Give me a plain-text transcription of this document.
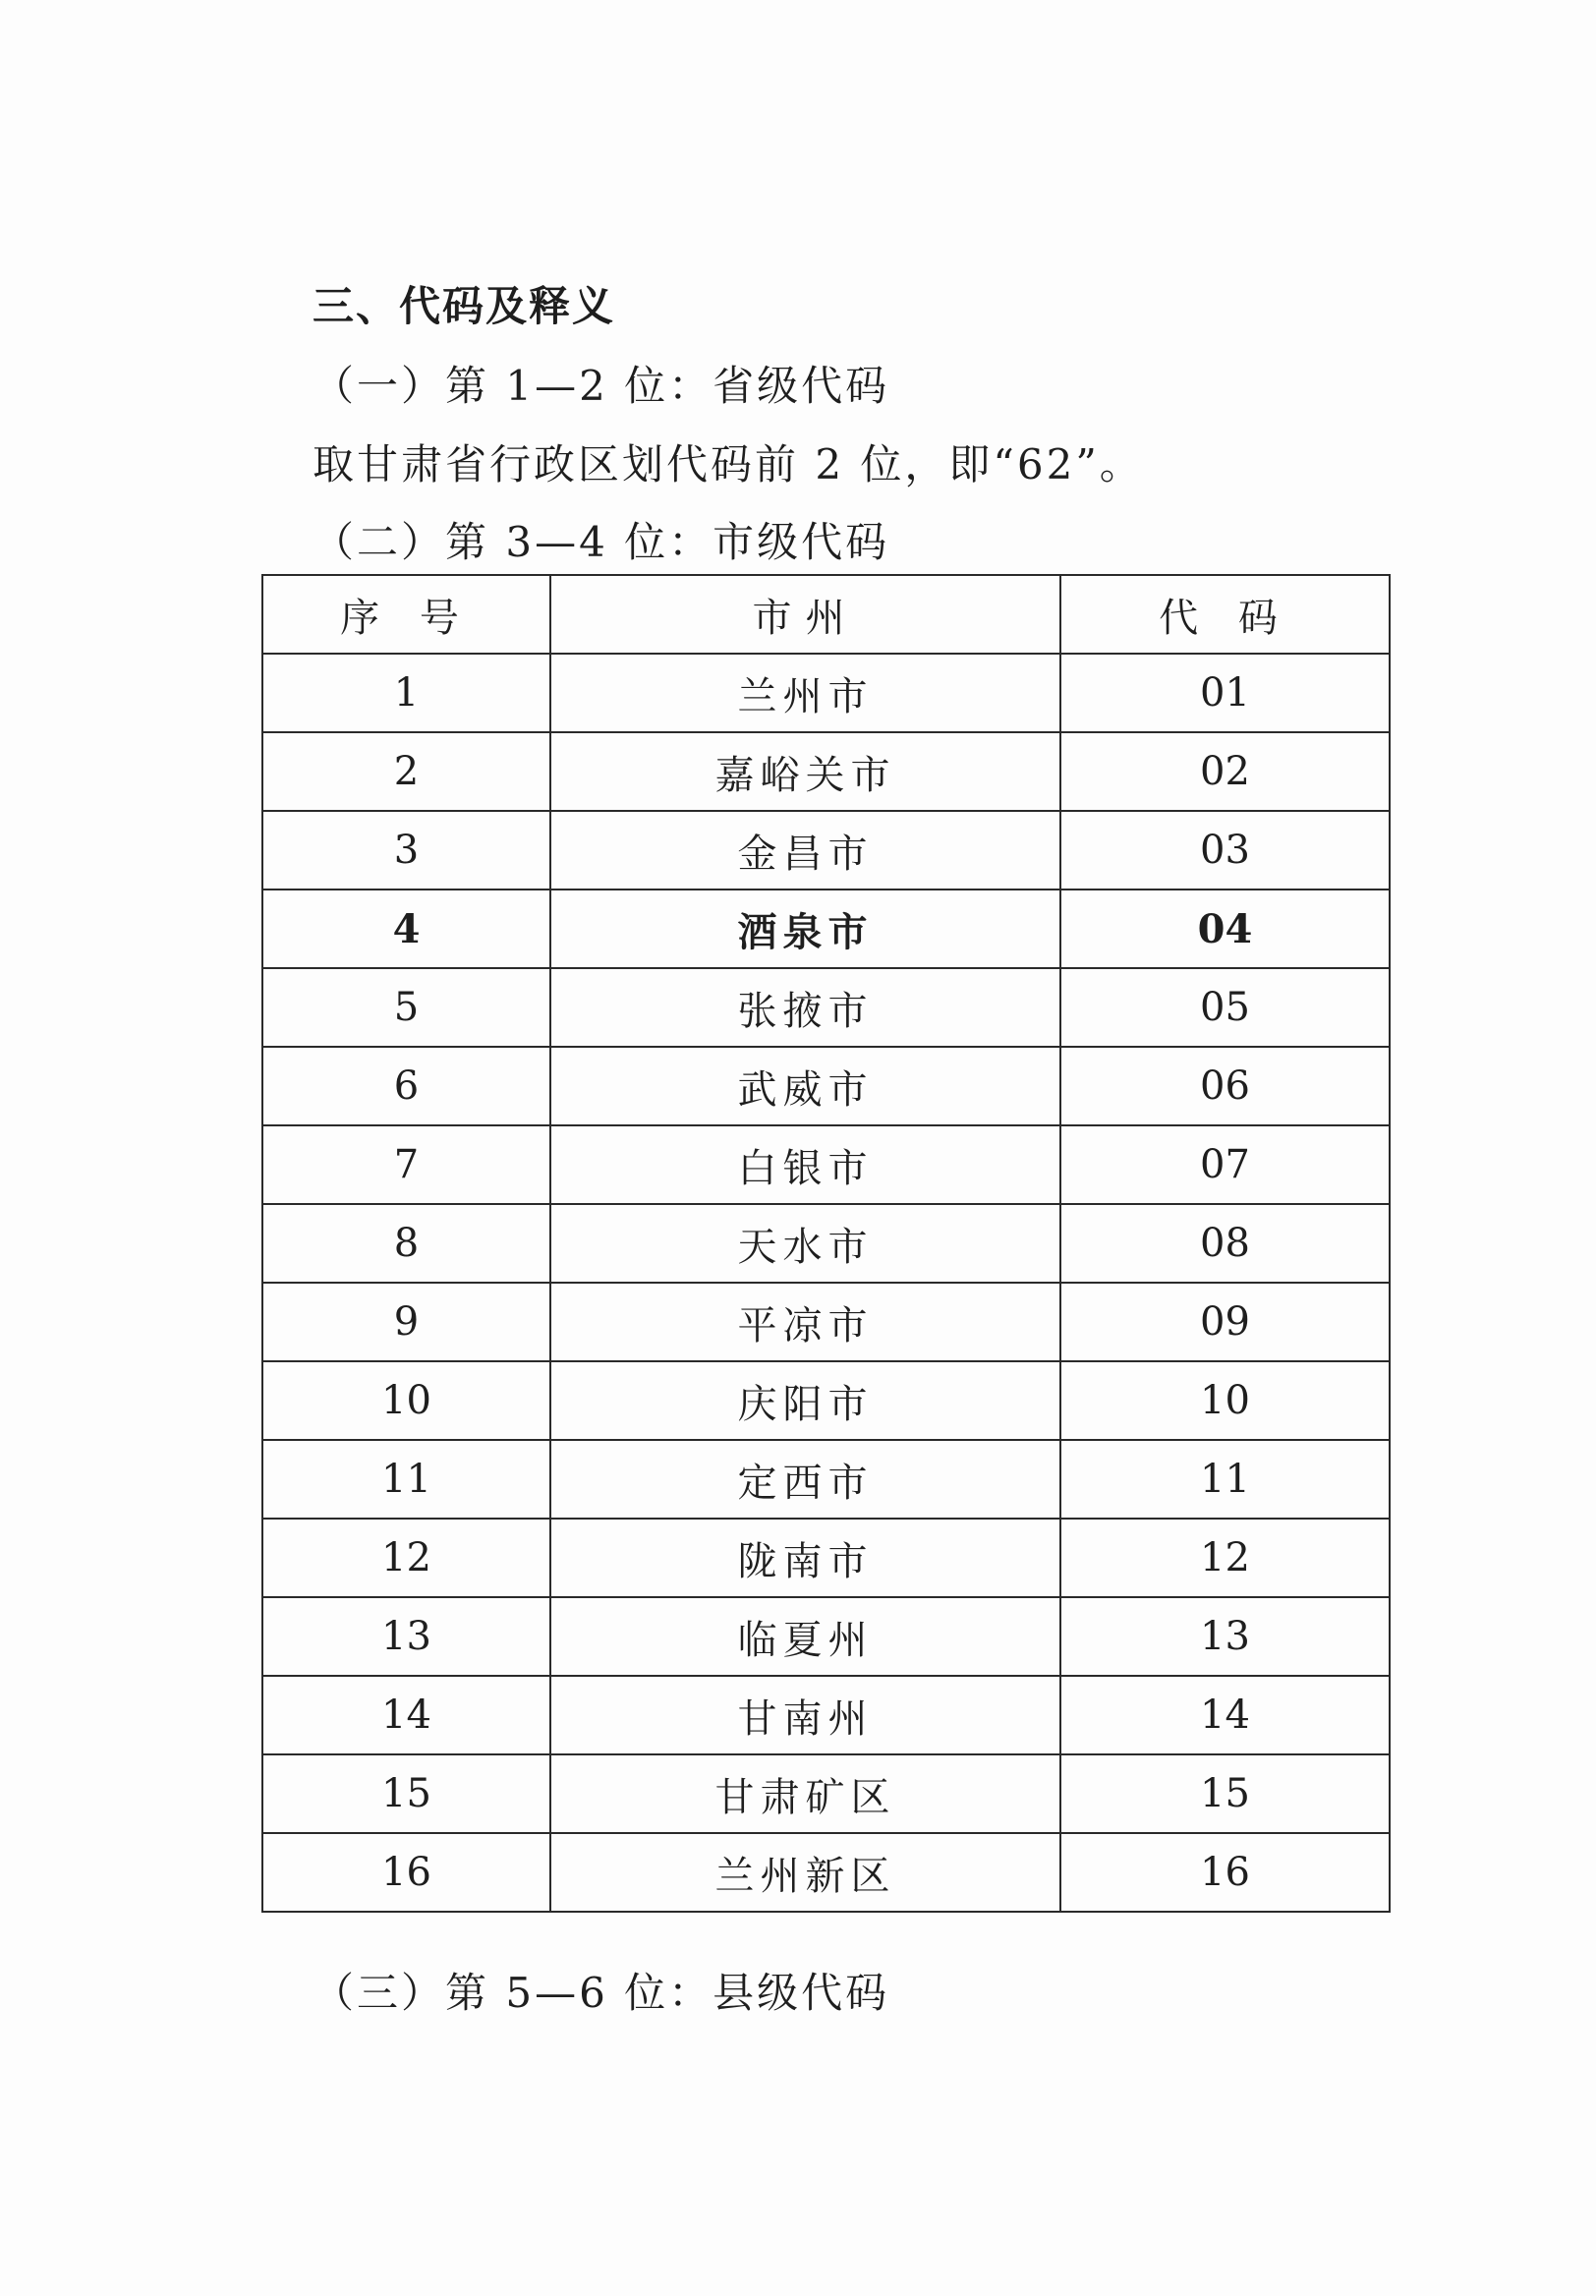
三、代码及释义
（一）第 1—2 位：省级代码
取甘肃省行政区划代码前 2 位，即“62”。
（二）第 3—4 位：市级代码
序 号	市州	代 码
1	兰州市	01
2	嘉峪关市	02
3	金昌市	03
4	酒泉市	04
5	张掖市	05
6	武威市	06
7	白银市	07
8	天水市	08
9	平凉市	09
10	庆阳市	10
11	定西市	11
12	陇南市	12
13	临夏州	13
14	甘南州	14
15	甘肃矿区	15
16	兰州新区	16
（三）第 5—6 位：县级代码
